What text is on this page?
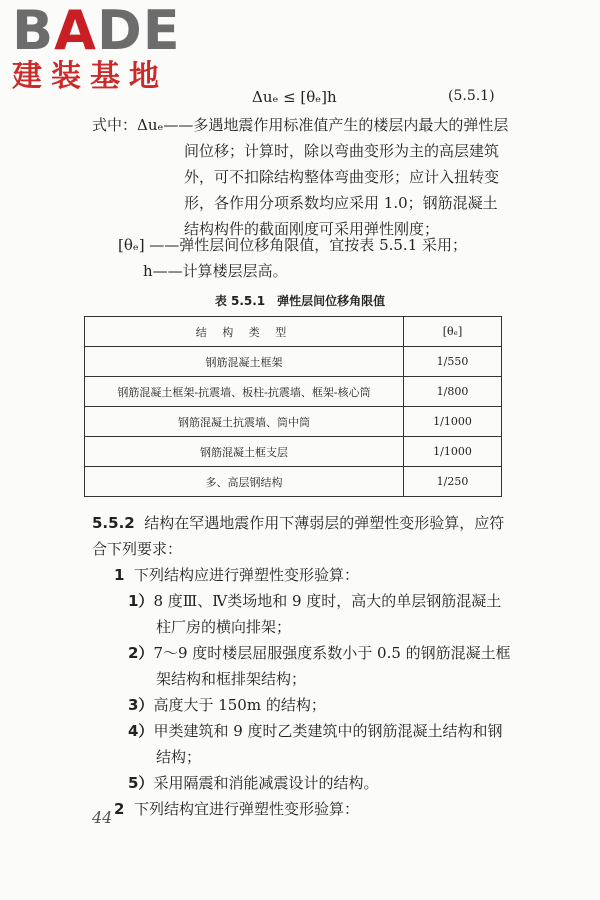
BADE
建装基地
Δuₑ ≤ [θₑ]h	(5.5.1)
式中：Δuₑ——多遇地震作用标准值产生的楼层内最大的弹性层
间位移；计算时，除以弯曲变形为主的高层建筑
外，可不扣除结构整体弯曲变形；应计入扭转变
形，各作用分项系数均应采用 1.0；钢筋混凝土
结构构件的截面刚度可采用弹性刚度；
[θₑ] ——弹性层间位移角限值，宜按表 5.5.1 采用；
h——计算楼层层高。
表 5.5.1　弹性层间位移角限值
结 构 类 型	[θₑ]
钢筋混凝土框架	1/550
钢筋混凝土框架-抗震墙、板柱-抗震墙、框架-核心筒	1/800
钢筋混凝土抗震墙、筒中筒	1/1000
钢筋混凝土框支层	1/1000
多、高层钢结构	1/250
5.5.2 结构在罕遇地震作用下薄弱层的弹塑性变形验算，应符
合下列要求：
1 下列结构应进行弹塑性变形验算：
1）8 度Ⅲ、Ⅳ类场地和 9 度时，高大的单层钢筋混凝土
柱厂房的横向排架；
2）7～9 度时楼层屈服强度系数小于 0.5 的钢筋混凝土框
架结构和框排架结构；
3）高度大于 150m 的结构；
4）甲类建筑和 9 度时乙类建筑中的钢筋混凝土结构和钢
结构；
5）采用隔震和消能减震设计的结构。
2 下列结构宜进行弹塑性变形验算：
44
